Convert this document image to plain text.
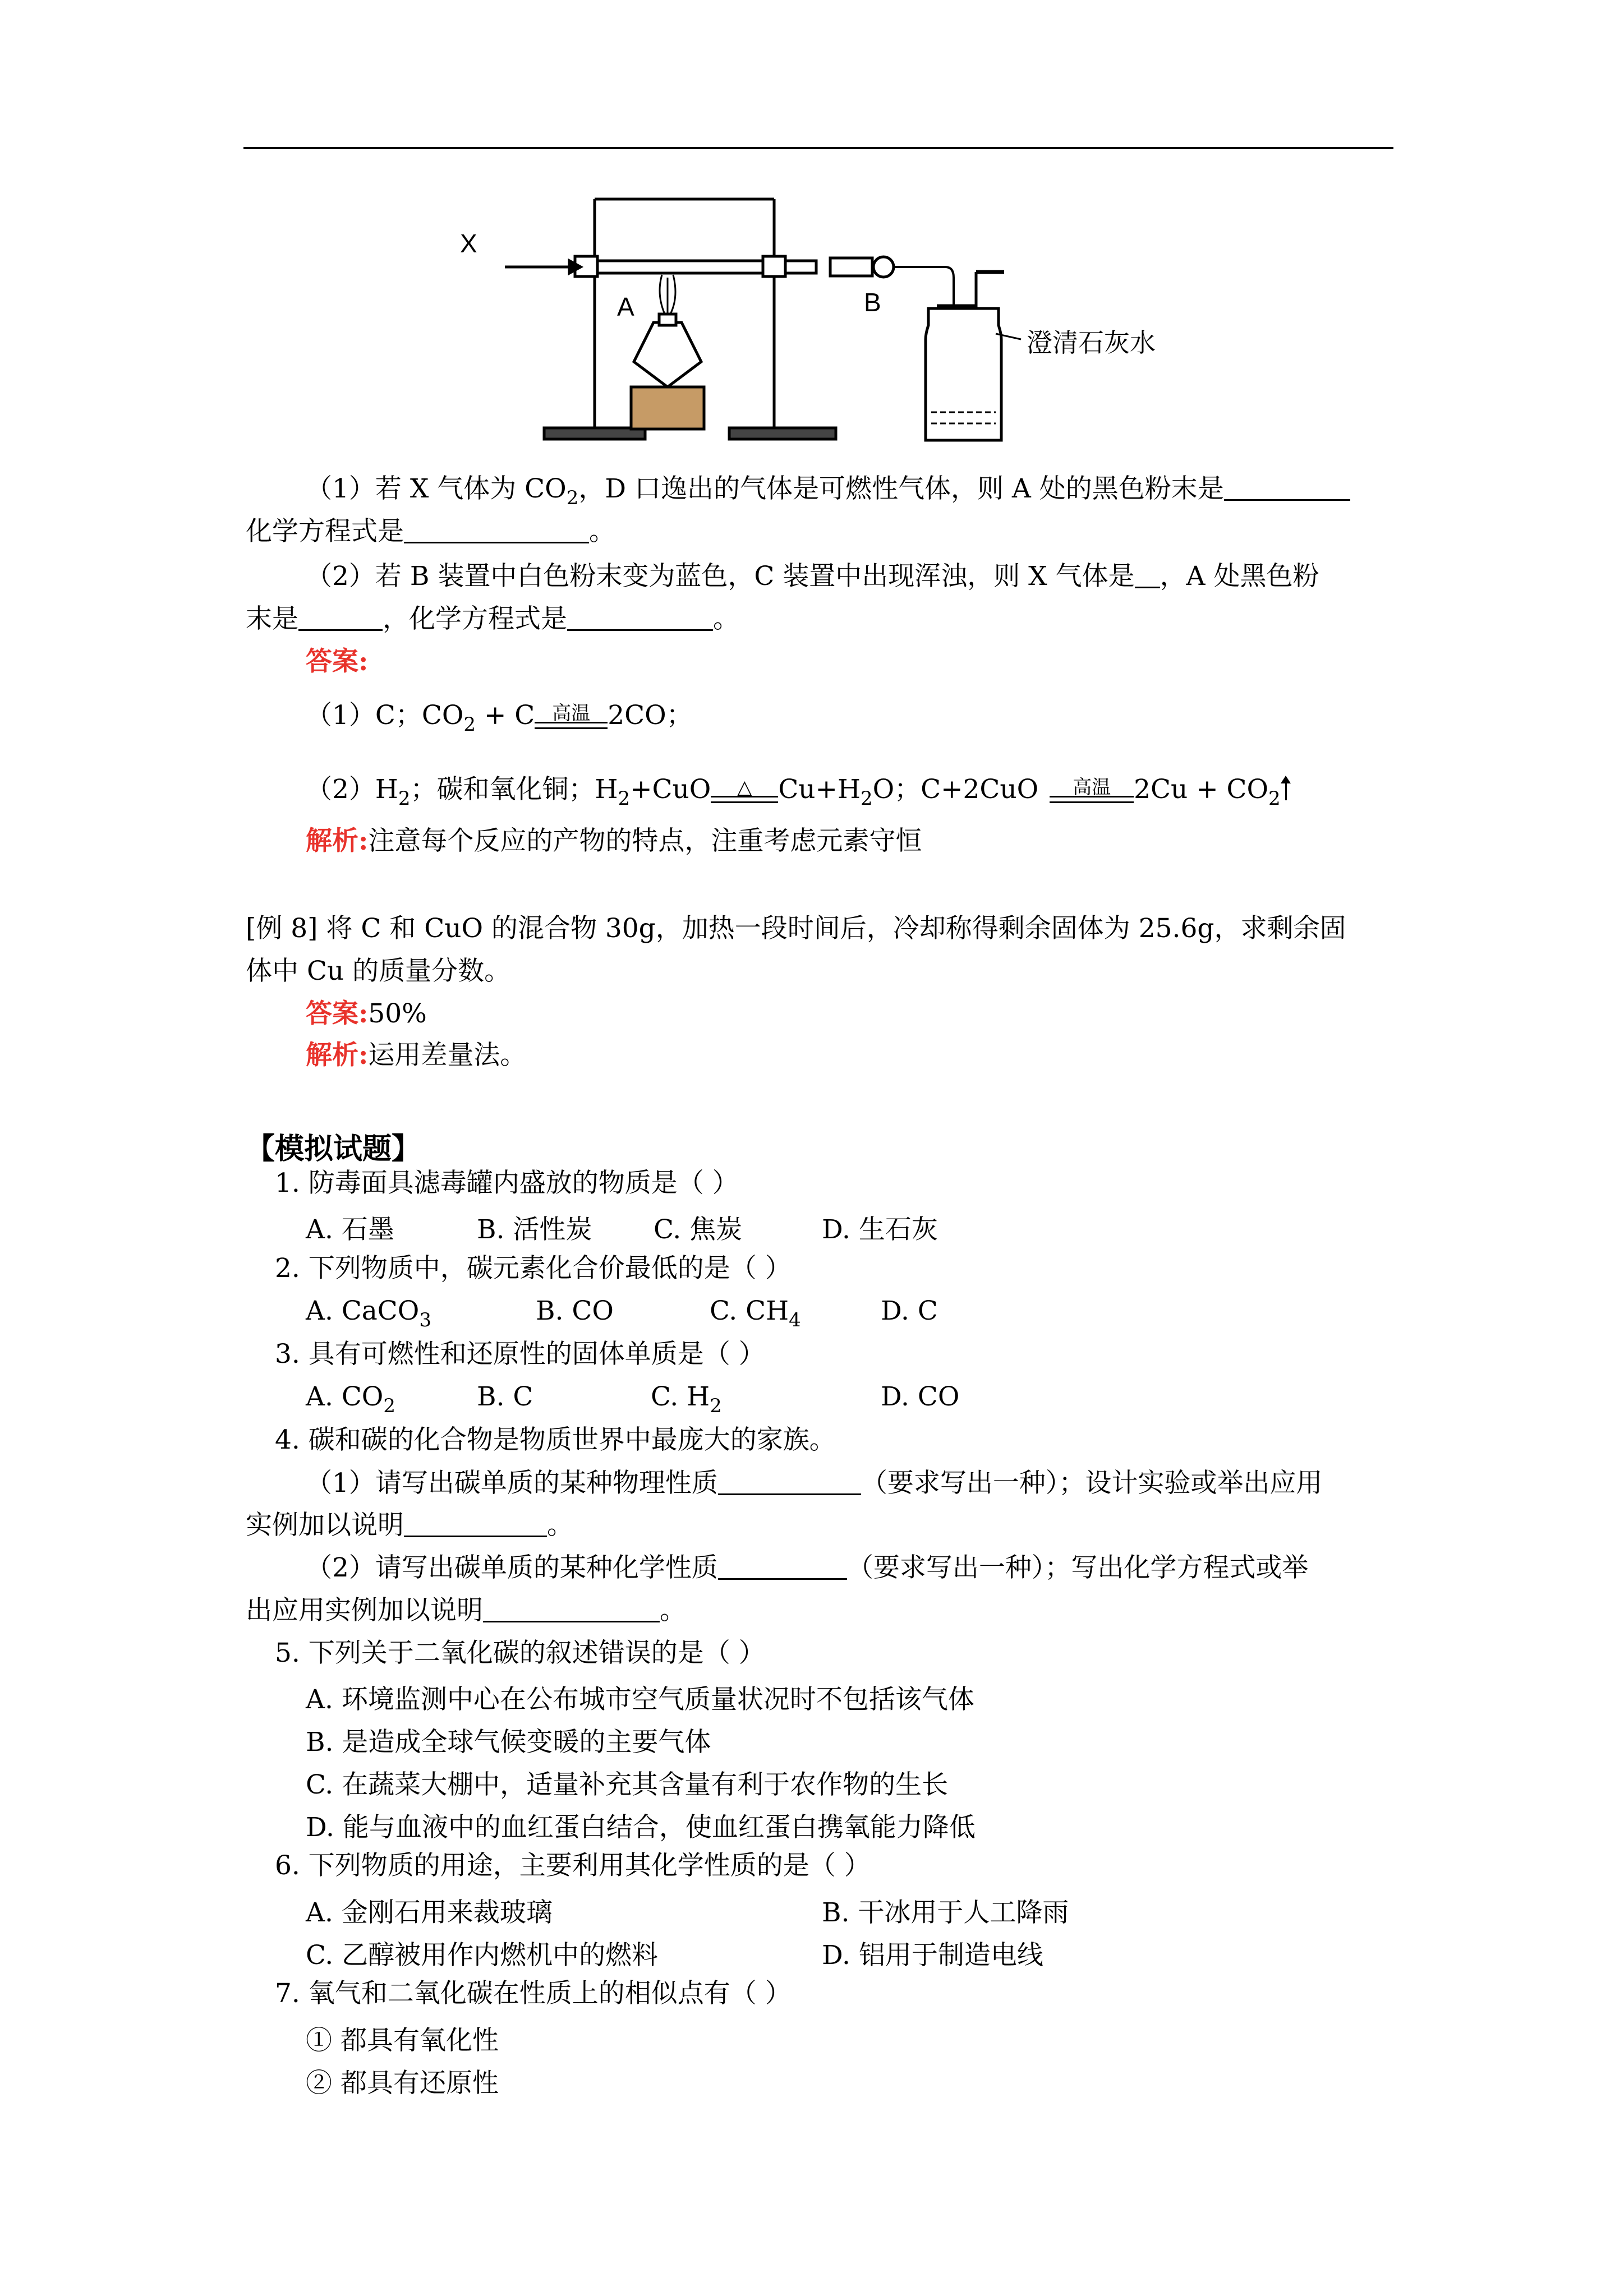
X
A	B
澄清石灰水
（1）若 X 气体为 $CO_2$，D 口逸出的气体是可燃性气体，则 A 处的黑色粉末是
化学方程式是	。
（2）若 B 装置中白色粉末变为蓝色，C 装置中出现浑浊，则 X 气体是 ，A 处黑色粉
末是	，化学方程式是	。
答案:
（1）C；$CO_2 + C$ 高温 2CO；
$(2)H_2$；碳和氧化铜；$H_2+CuO$	△ $Cu+H_2O$；C+2CuO	高温 $2Cu + CO_2$
解析:注意每个反应的产物的特点，注重考虑元素守恒
[例 8] 将 C 和 CuO 的混合物 30g，加热一段时间后，冷却称得剩余固体为 25.6g，求剩余固
体中 Cu 的质量分数。
答案:50%
解析:运用差量法。
【模拟试题】
1. 防毒面具滤毒罐内盛放的物质是（ ）
A. 石墨	B. 活性炭 C. 焦炭	D. 生石灰
2. 下列物质中，碳元素化合价最低的是（ ）
A. CaCO$_3$	B. CO	C. $CH_4$	D. C
3. 具有可燃性和还原性的固体单质是（ ）
A. $CO_2$	B. C	C. $H_2$	D. CO
4. 碳和碳的化合物是物质世界中最庞大的家族。
（1）请写出碳单质的某种物理性质	（要求写出一种）；设计实验或举出应用
实例加以说明	。
（2）请写出碳单质的某种化学性质	（要求写出一种）；写出化学方程式或举
出应用实例加以说明	。
5. 下列关于二氧化碳的叙述错误的是（ ）
A. 环境监测中心在公布城市空气质量状况时不包括该气体
B. 是造成全球气候变暖的主要气体
C. 在蔬菜大棚中，适量补充其含量有利于农作物的生长
D. 能与血液中的血红蛋白结合，使血红蛋白携氧能力降低
6. 下列物质的用途，主要利用其化学性质的是（ ）
A. 金刚石用来裁玻璃	B. 干冰用于人工降雨
C. 乙醇被用作内燃机中的燃料	D. 铝用于制造电线
7. 氧气和二氧化碳在性质上的相似点有（ ）
① 都具有氧化性
② 都具有还原性
